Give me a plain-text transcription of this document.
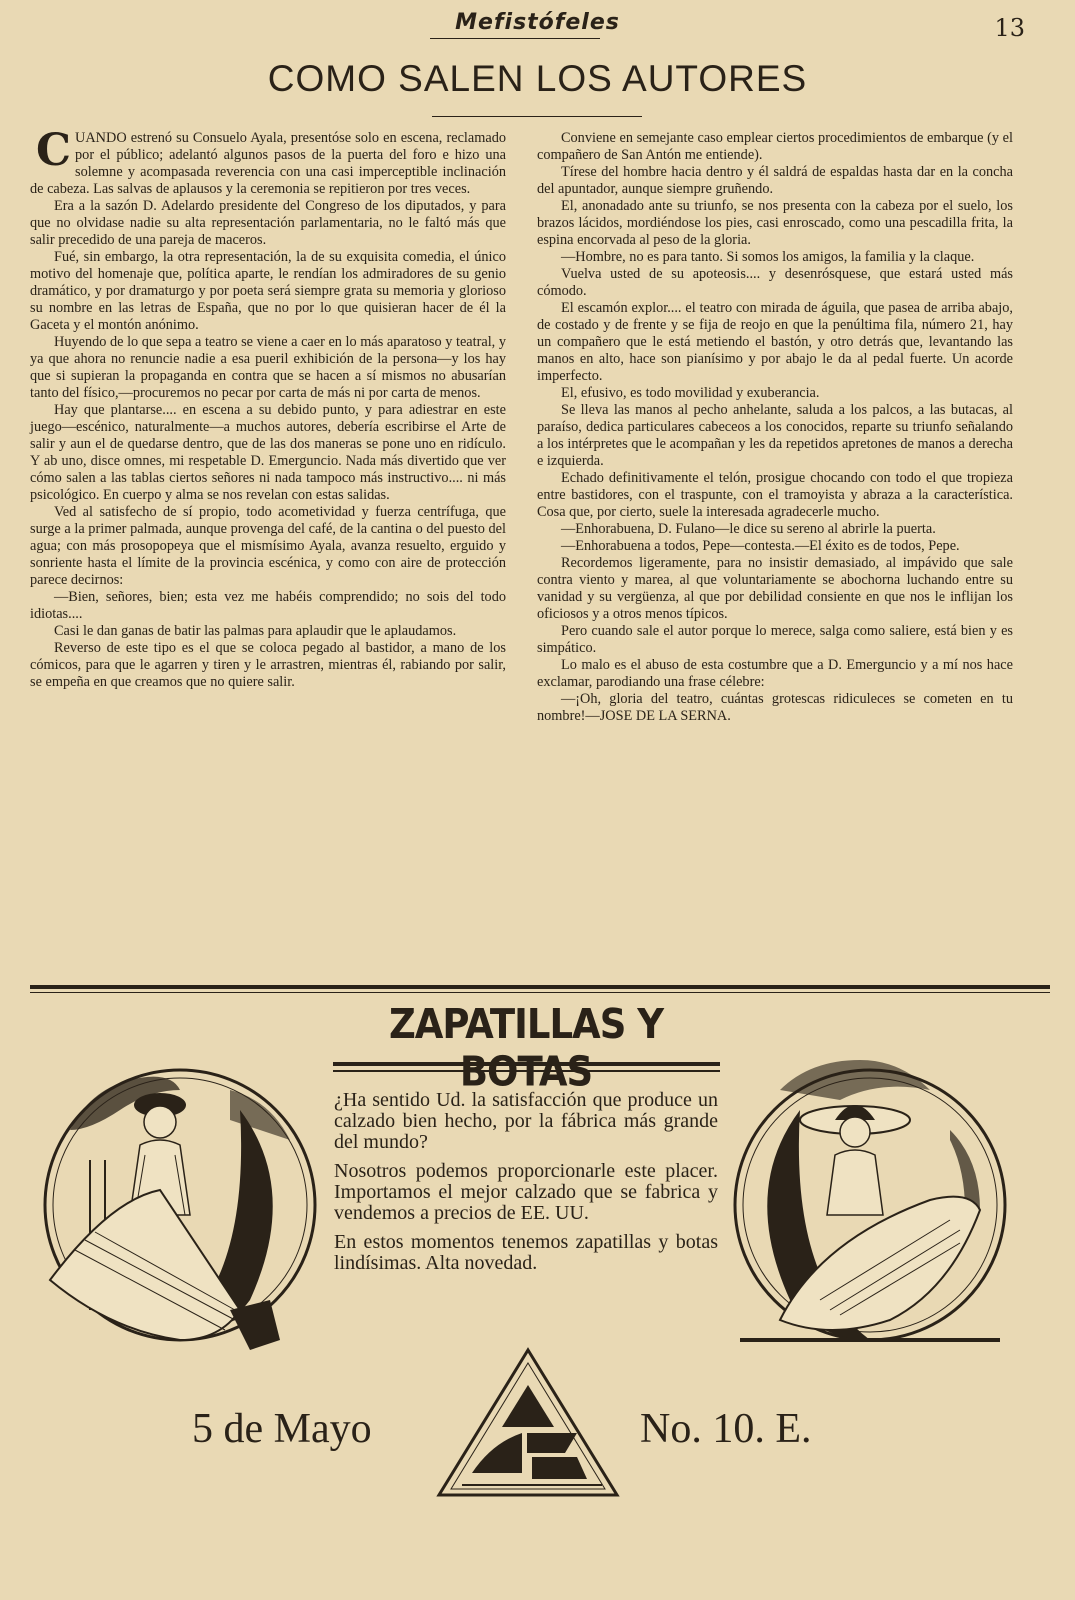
Mefistófeles	13
COMO SALEN LOS AUTORES
C UANDO estrenó su Consuelo Ayala, presentóse solo en escena, reclamado por el público; adelantó algunos pasos de la puerta del foro e hizo una solemne y acompasada reverencia con una casi imperceptible inclinación de cabeza. Las salvas de aplausos y la ceremonia se repitieron por tres veces.

Era a la sazón D. Adelardo presidente del Congreso de los diputados, y para que no olvidase nadie su alta representación parlamentaria, no le faltó más que salir precedido de una pareja de maceros.

Fué, sin embargo, la otra representación, la de su exquisita comedia, el único motivo del homenaje que, política aparte, le rendían los admiradores de su genio dramático, y por dramaturgo y por poeta será siempre grata su memoria y glorioso su nombre en las letras de España, que no por lo que quisieran hacer de él la Gaceta y el montón anónimo.

Huyendo de lo que sepa a teatro se viene a caer en lo más aparatoso y teatral, y ya que ahora no renuncie nadie a esa pueril exhibición de la persona—y los hay que si supieran la propaganda en contra que se hacen a sí mismos no abusarían tanto del físico,—procuremos no pecar por carta de más ni por carta de menos.

Hay que plantarse.... en escena a su debido punto, y para adiestrar en este juego—escénico, naturalmente—a muchos autores, debería escribirse el Arte de salir y aun el de quedarse dentro, que de las dos maneras se pone uno en ridículo. Y ab uno, disce omnes, mi respetable D. Emerguncio. Nada más divertido que ver cómo salen a las tablas ciertos señores ni nada tampoco más instructivo.... ni más psicológico. En cuerpo y alma se nos revelan con estas salidas.

Ved al satisfecho de sí propio, todo acometividad y fuerza centrífuga, que surge a la primer palmada, aunque provenga del café, de la cantina o del puesto del agua; con más prosopopeya que el mismísimo Ayala, avanza resuelto, erguido y sonriente hasta el límite de la provincia escénica, y como con aire de protección parece decirnos:

—Bien, señores, bien; esta vez me habéis comprendido; no sois del todo idiotas....

Casi le dan ganas de batir las palmas para aplaudir que le aplaudamos.

Reverso de este tipo es el que se coloca pegado al bastidor, a mano de los cómicos, para que le agarren y tiren y le arrastren, mientras él, rabiando por salir, se empeña en que creamos que no quiere salir.

Conviene en semejante caso emplear ciertos procedimientos de embarque (y el compañero de San Antón me entiende).

Tírese del hombre hacia dentro y él saldrá de espaldas hasta dar en la concha del apuntador, aunque siempre gruñendo.

El, anonadado ante su triunfo, se nos presenta con la cabeza por el suelo, los brazos lácidos, mordiéndose los pies, casi enroscado, como una pescadilla frita, la espina encorvada al peso de la gloria.

—Hombre, no es para tanto. Si somos los amigos, la familia y la claque.

Vuelva usted de su apoteosis.... y desenrósquese, que estará usted más cómodo.

El escamón explor.... el teatro con mirada de águila, que pasea de arriba abajo, de costado y de frente y se fija de reojo en que la penúltima fila, número 21, hay un compañero que le está metiendo el bastón, y otro detrás que, levantando las manos en alto, hace son pianísimo y por abajo le da al pedal fuerte. Un acorde imperfecto.

El, efusivo, es todo movilidad y exuberancia.

Se lleva las manos al pecho anhelante, saluda a los palcos, a las butacas, al paraíso, dedica particulares cabeceos a los conocidos, reparte su triunfo señalando a los intérpretes que le acompañan y les da repetidos apretones de manos a derecha e izquierda.

Echado definitivamente el telón, prosigue chocando con todo el que tropieza entre bastidores, con el traspunte, con el tramoyista y abraza a la característica. Cosa que, por cierto, suele la interesada agradecerle mucho.

—Enhorabuena, D. Fulano—le dice su sereno al abrirle la puerta.

—Enhorabuena a todos, Pepe—contesta.—El éxito es de todos, Pepe.

Recordemos ligeramente, para no insistir demasiado, al impávido que sale contra viento y marea, al que voluntariamente se abochorna luchando entre su vanidad y su vergüenza, al que por debilidad consiente en que nos le inflijan los oficiosos y a otros menos típicos.

Pero cuando sale el autor porque lo merece, salga como saliere, está bien y es simpático.

Lo malo es el abuso de esta costumbre que a D. Emerguncio y a mí nos hace exclamar, parodiando una frase célebre:

—¡Oh, gloria del teatro, cuántas grotescas ridiculeces se cometen en tu nombre!—JOSE DE LA SERNA.

ZAPATILLAS Y BOTAS

¿Ha sentido Ud. la satisfacción que produce un calzado bien hecho, por la fábrica más grande del mundo?

Nosotros podemos proporcionarle este placer. Importamos el mejor calzado que se fabrica y vendemos a precios de EE. UU.

En estos momentos tenemos zapatillas y botas lindísimas. Alta novedad.

5 de Mayo	No. 10. E.
